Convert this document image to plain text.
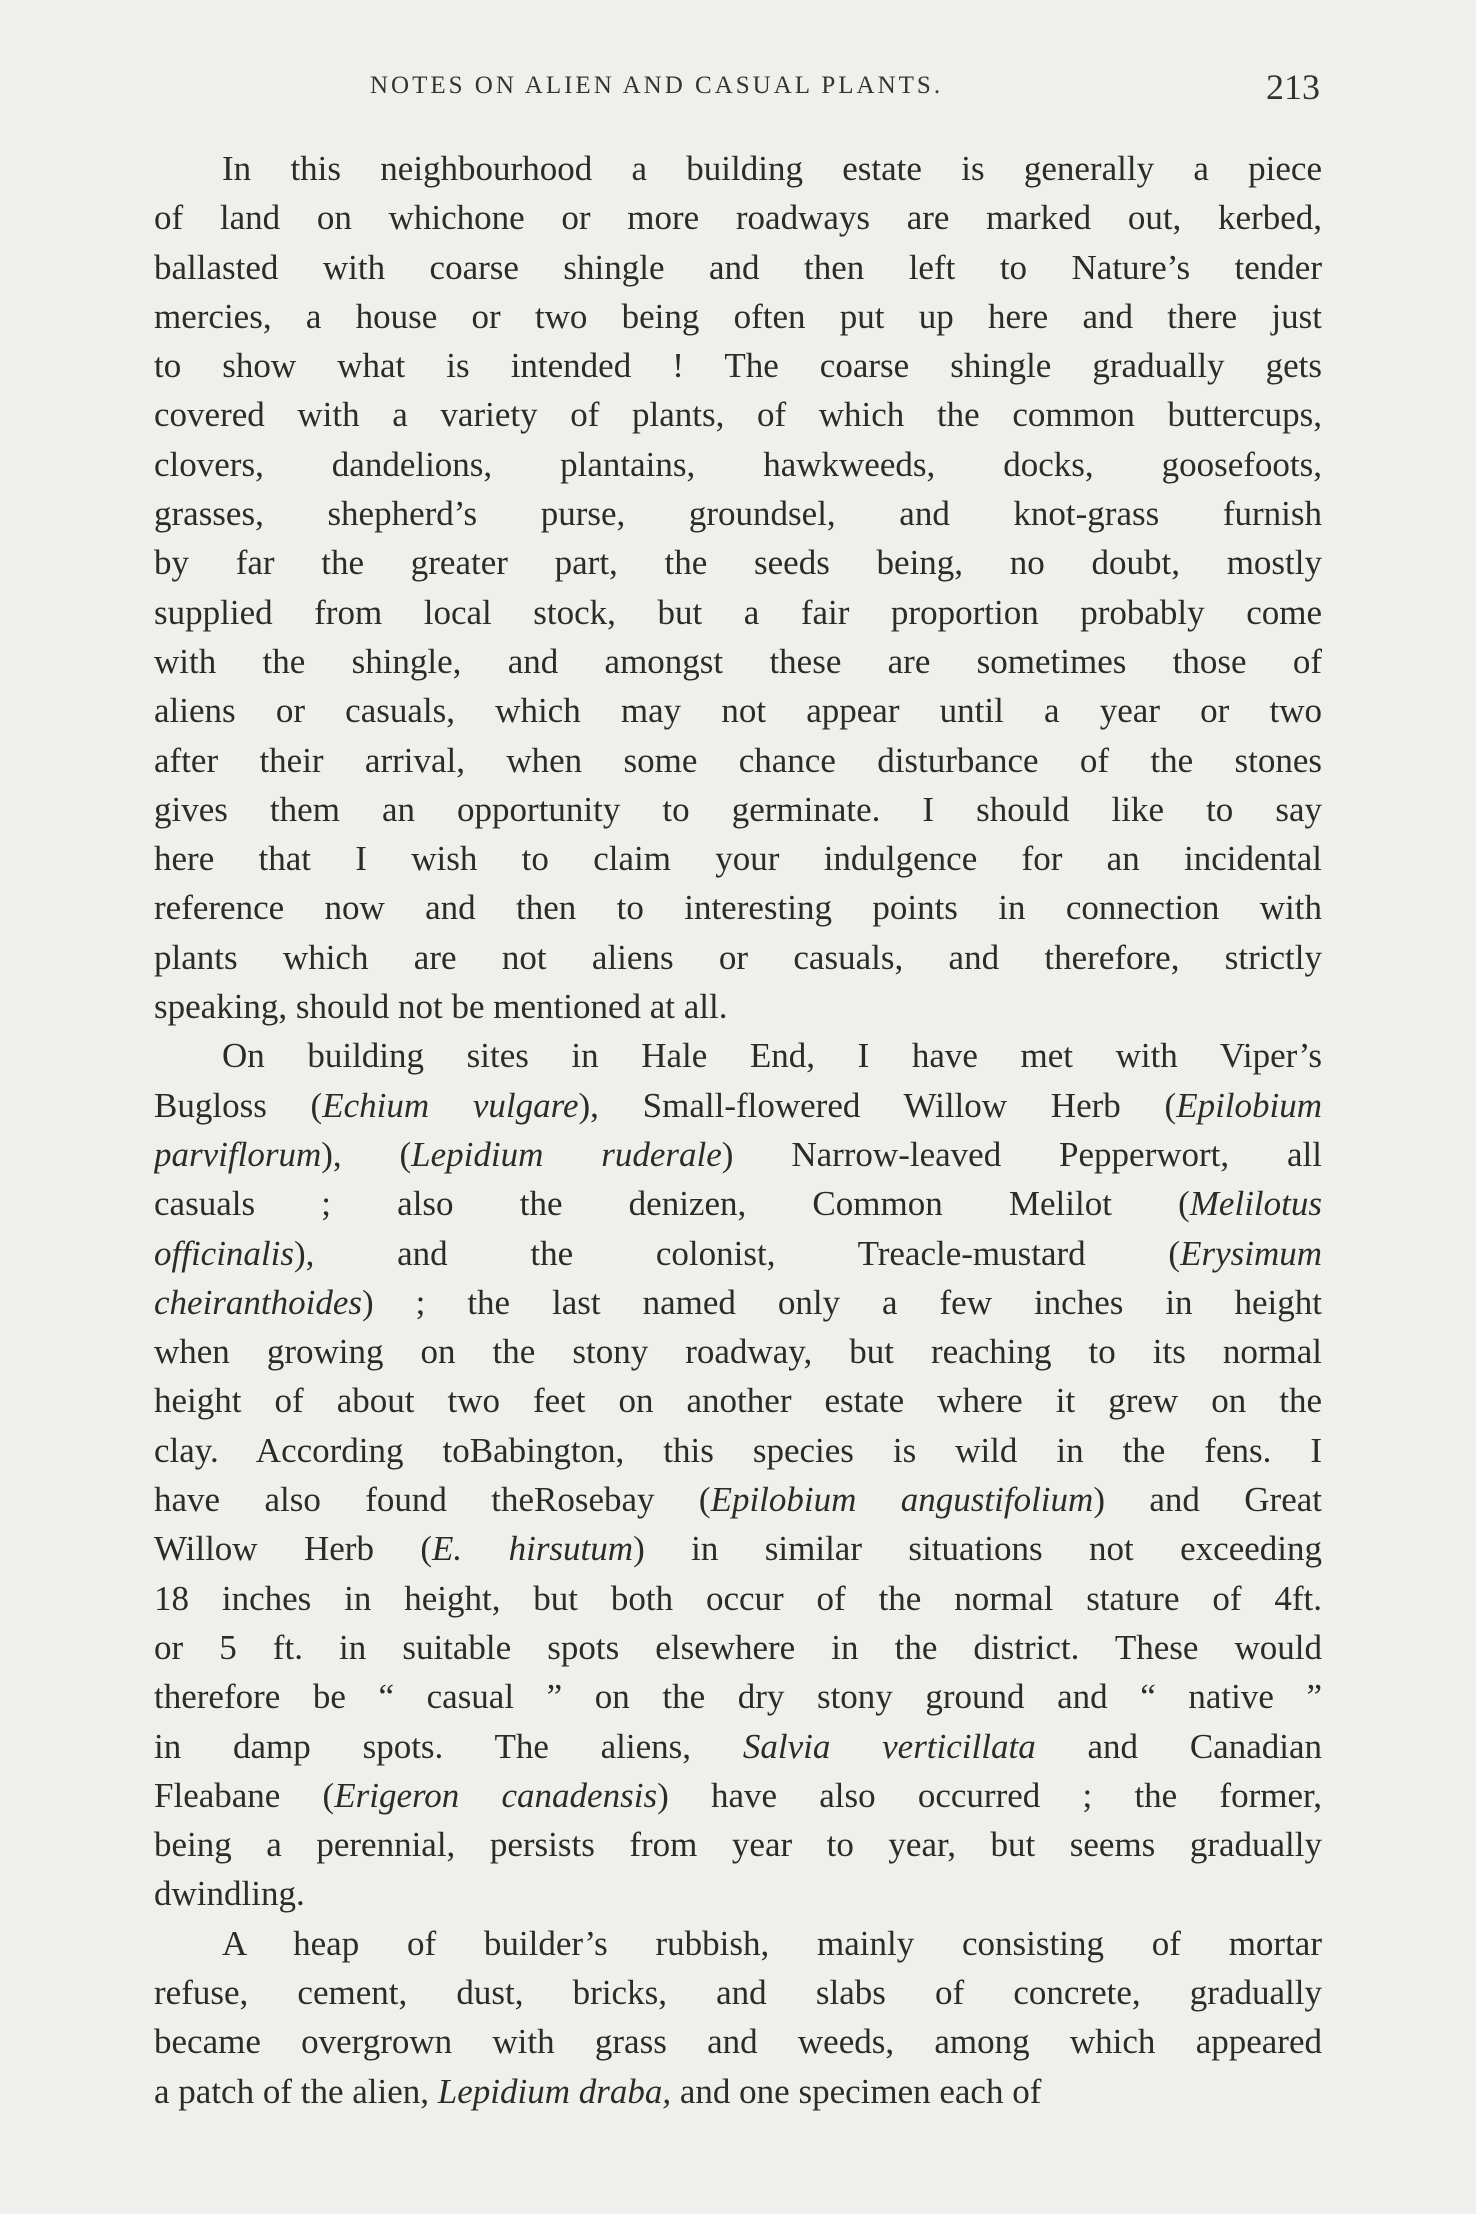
NOTES ON ALIEN AND CASUAL PLANTS.	213
In this neighbourhood a building estate is generally a piece
of land on whichone or more roadways are marked out, kerbed,
ballasted with coarse shingle and then left to Nature’s tender
mercies, a house or two being often put up here and there just
to show what is intended ! The coarse shingle gradually gets
covered with a variety of plants, of which the common buttercups,
clovers, dandelions, plantains, hawkweeds, docks, goosefoots,
grasses, shepherd’s purse, groundsel, and knot-grass furnish
by far the greater part, the seeds being, no doubt, mostly
supplied from local stock, but a fair proportion probably come
with the shingle, and amongst these are sometimes those of
aliens or casuals, which may not appear until a year or two
after their arrival, when some chance disturbance of the stones
gives them an opportunity to germinate. I should like to say
here that I wish to claim your indulgence for an incidental
reference now and then to interesting points in connection with
plants which are not aliens or casuals, and therefore, strictly
speaking, should not be mentioned at all.
On building sites in Hale End, I have met with Viper’s
Bugloss (Echium vulgare), Small-flowered Willow Herb (Epilobium
parviflorum), (Lepidium ruderale) Narrow-leaved Pepperwort, all
casuals ; also the denizen, Common Melilot (Melilotus
officinalis), and the colonist, Treacle-mustard (Erysimum
cheiranthoides) ; the last named only a few inches in height
when growing on the stony roadway, but reaching to its normal
height of about two feet on another estate where it grew on the
clay. According toBabington, this species is wild in the fens. I
have also found theRosebay (Epilobium angustifolium) and Great
Willow Herb (E. hirsutum) in similar situations not exceeding
18 inches in height, but both occur of the normal stature of 4ft.
or 5 ft. in suitable spots elsewhere in the district. These would
therefore be “ casual ” on the dry stony ground and “ native ”
in damp spots. The aliens, Salvia verticillata and Canadian
Fleabane (Erigeron canadensis) have also occurred ; the former,
being a perennial, persists from year to year, but seems gradually
dwindling.
A heap of builder’s rubbish, mainly consisting of mortar
refuse, cement, dust, bricks, and slabs of concrete, gradually
became overgrown with grass and weeds, among which appeared
a patch of the alien, Lepidium draba, and one specimen each of
